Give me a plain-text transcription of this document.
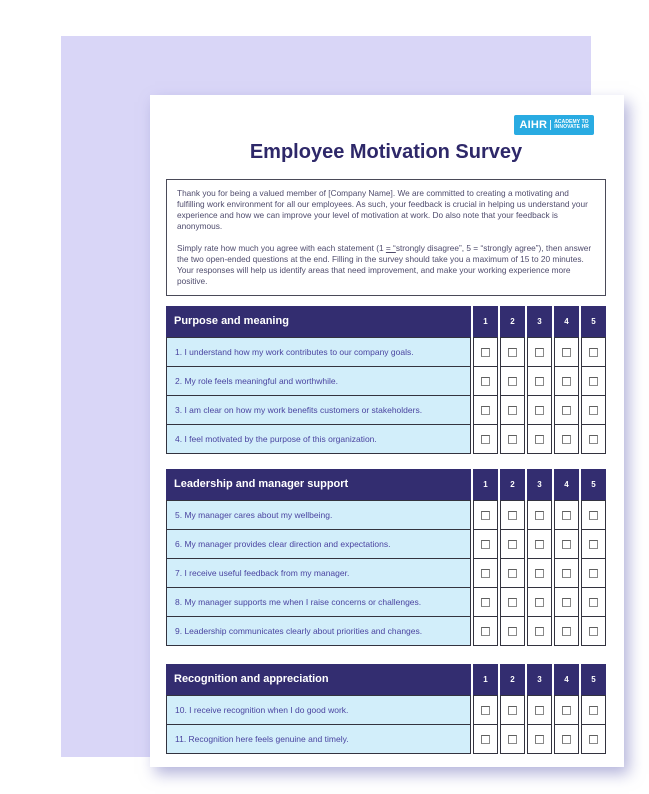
AIHR ACADEMY TO
INNOVATE HR
Employee Motivation Survey

Thank you for being a valued member of [Company Name]. We are committed to creating a motivating and fulfilling work environment for all our employees. As such, your feedback is crucial in helping us understand your experience and how we can improve your level of motivation at work. Do also note that your feedback is anonymous.

Simply rate how much you agree with each statement (1 = “strongly disagree”, 5 = “strongly agree”), then answer the two open-ended questions at the end. Filling in the survey should take you a maximum of 15 to 20 minutes. Your responses will help us identify areas that need improvement, and make your working experience more positive.

Purpose and meaning	1	2	3	4	5
1. I understand how my work contributes to our company goals.
2. My role feels meaningful and worthwhile.
3. I am clear on how my work benefits customers or stakeholders.
4. I feel motivated by the purpose of this organization.
Leadership and manager support	1	2	3	4	5
5. My manager cares about my wellbeing.
6. My manager provides clear direction and expectations.
7. I receive useful feedback from my manager.
8. My manager supports me when I raise concerns or challenges.
9. Leadership communicates clearly about priorities and changes.
Recognition and appreciation	1	2	3	4	5
10. I receive recognition when I do good work.
11. Recognition here feels genuine and timely.
